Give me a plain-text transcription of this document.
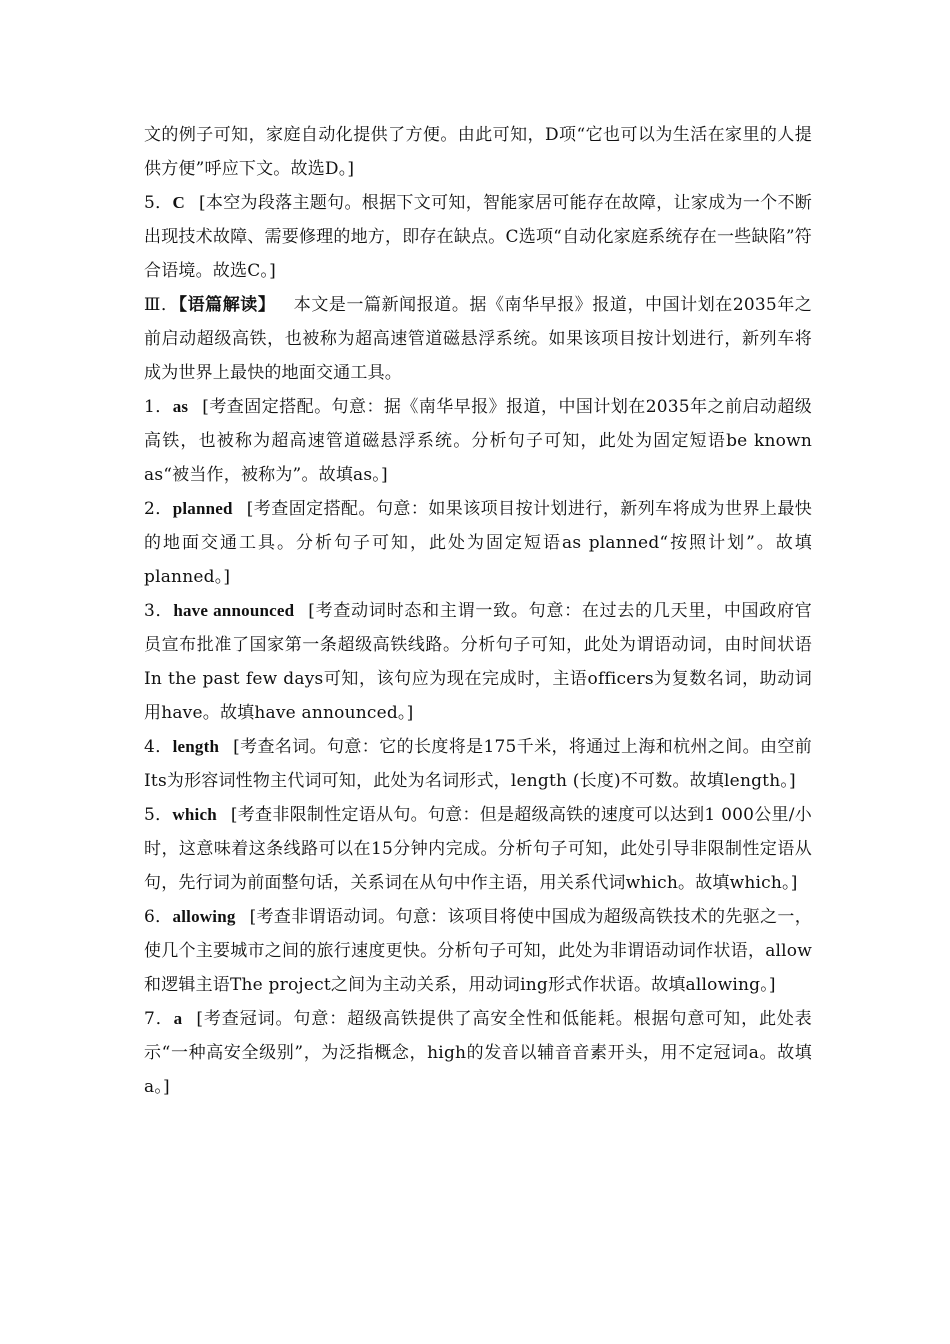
文的例子可知，家庭自动化提供了方便。由此可知，D项“它也可以为生活在家里的人提供方便”呼应下文。故选D。]

5．C [本空为段落主题句。根据下文可知，智能家居可能存在故障，让家成为一个不断出现技术故障、需要修理的地方，即存在缺点。C选项“自动化家庭系统存在一些缺陷”符合语境。故选C。]

Ⅲ．【语篇解读】 本文是一篇新闻报道。据《南华早报》报道，中国计划在2035年之前启动超级高铁，也被称为超高速管道磁悬浮系统。如果该项目按计划进行，新列车将成为世界上最快的地面交通工具。

1．as [考查固定搭配。句意：据《南华早报》报道，中国计划在2035年之前启动超级高铁，也被称为超高速管道磁悬浮系统。分析句子可知，此处为固定短语be known as“被当作，被称为”。故填as。]

2．planned [考查固定搭配。句意：如果该项目按计划进行，新列车将成为世界上最快的地面交通工具。分析句子可知，此处为固定短语as planned“按照计划”。故填planned。]

3．have announced [考查动词时态和主谓一致。句意：在过去的几天里，中国政府官员宣布批准了国家第一条超级高铁线路。分析句子可知，此处为谓语动词，由时间状语In the past few days可知，该句应为现在完成时，主语officers为复数名词，助动词用have。故填have announced。]

4．length [考查名词。句意：它的长度将是175千米，将通过上海和杭州之间。由空前Its为形容词性物主代词可知，此处为名词形式，length (长度)不可数。故填length。]

5．which [考查非限制性定语从句。句意：但是超级高铁的速度可以达到1 000公里/小时，这意味着这条线路可以在15分钟内完成。分析句子可知，此处引导非限制性定语从句，先行词为前面整句话，关系词在从句中作主语，用关系代词which。故填which。]

6．allowing [考查非谓语动词。句意：该项目将使中国成为超级高铁技术的先驱之一，使几个主要城市之间的旅行速度更快。分析句子可知，此处为非谓语动词作状语，allow和逻辑主语The project之间为主动关系，用动词ing形式作状语。故填allowing。]

7．a [考查冠词。句意：超级高铁提供了高安全性和低能耗。根据句意可知，此处表示“一种高安全级别”，为泛指概念，high的发音以辅音音素开头，用不定冠词a。故填a。]
